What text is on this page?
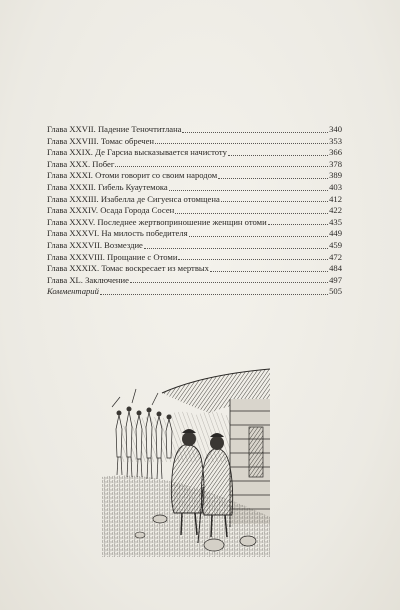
Глава XXVII. Падение Теночтитлана	340
Глава XXVIII. Томас обречен	353
Глава XXIX. Де Гарсиа высказывается начистоту	366
Глава XXX. Побег	378
Глава XXXI. Отоми говорит со своим народом	389
Глава XXXII. Гибель Куаутемока	403
Глава XXXIII. Изабелла де Сигуенса отомщена	412
Глава XXXIV. Осада Города Сосен	422
Глава XXXV. Последнее жертвоприношение женщин отоми	435
Глава XXXVI. На милость победителя	449
Глава XXXVII. Возмездие	459
Глава XXXVIII. Прощание с Отоми	472
Глава XXXIX. Томас воскресает из мертвых	484
Глава XL. Заключение	497
Комментарий	505
